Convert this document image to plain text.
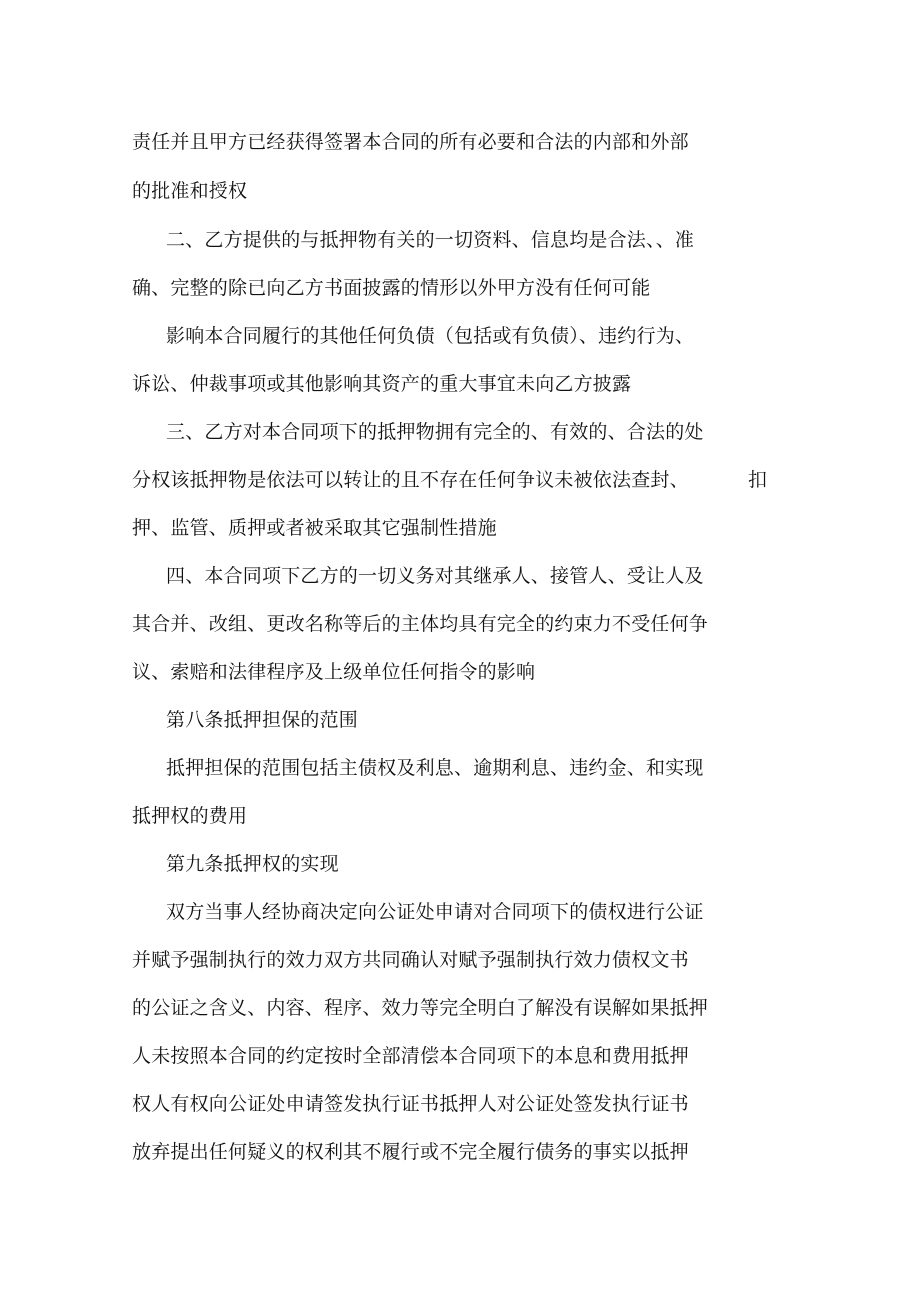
责任并且甲方已经获得签署本合同的所有必要和合法的内部和外部
的批准和授权
二、乙方提供的与抵押物有关的一切资料、信息均是合法、、准
确、完整的除已向乙方书面披露的情形以外甲方没有任何可能
影响本合同履行的其他任何负债（包括或有负债）、违约行为、
诉讼、仲裁事项或其他影响其资产的重大事宜未向乙方披露
三、乙方对本合同项下的抵押物拥有完全的、有效的、合法的处
分权该抵押物是依法可以转让的且不存在任何争议未被依法查封、	扣
押、监管、质押或者被采取其它强制性措施
四、本合同项下乙方的一切义务对其继承人、接管人、受让人及
其合并、改组、更改名称等后的主体均具有完全的约束力不受任何争
议、索赔和法律程序及上级单位任何指令的影响
第八条抵押担保的范围
抵押担保的范围包括主债权及利息、逾期利息、违约金、和实现
抵押权的费用
第九条抵押权的实现
双方当事人经协商决定向公证处申请对合同项下的债权进行公证
并赋予强制执行的效力双方共同确认对赋予强制执行效力债权文书
的公证之含义、内容、程序、效力等完全明白了解没有误解如果抵押
人未按照本合同的约定按时全部清偿本合同项下的本息和费用抵押
权人有权向公证处申请签发执行证书抵押人对公证处签发执行证书
放弃提出任何疑义的权利其不履行或不完全履行债务的事实以抵押
